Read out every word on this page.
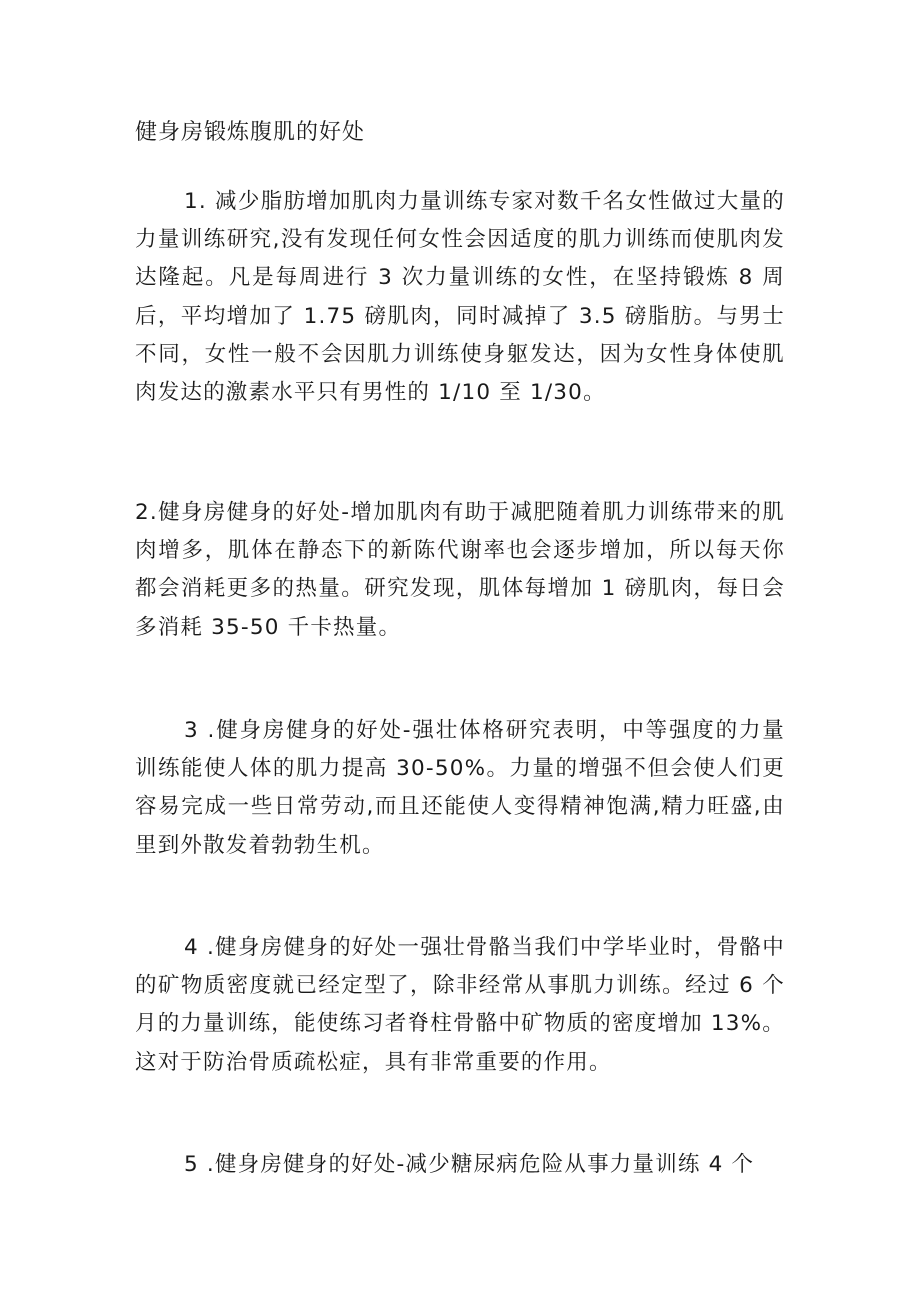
健身房锻炼腹肌的好处

1. 减少脂肪增加肌肉力量训练专家对数千名女性做过大量的力量训练研究,没有发现任何女性会因适度的肌力训练而使肌肉发达隆起。凡是每周进行 3 次力量训练的女性，在坚持锻炼 8 周后，平均增加了 1.75 磅肌肉，同时减掉了 3.5 磅脂肪。与男士不同，女性一般不会因肌力训练使身躯发达，因为女性身体使肌肉发达的激素水平只有男性的 1/10 至 1/30。

2.健身房健身的好处-增加肌肉有助于减肥随着肌力训练带来的肌肉增多，肌体在静态下的新陈代谢率也会逐步增加，所以每天你都会消耗更多的热量。研究发现，肌体每增加 1 磅肌肉，每日会多消耗 35-50 千卡热量。

3 .健身房健身的好处-强壮体格研究表明，中等强度的力量训练能使人体的肌力提高 30-50%。力量的增强不但会使人们更容易完成一些日常劳动,而且还能使人变得精神饱满,精力旺盛,由里到外散发着勃勃生机。

4 .健身房健身的好处一强壮骨骼当我们中学毕业时，骨骼中的矿物质密度就已经定型了，除非经常从事肌力训练。经过 6 个月的力量训练，能使练习者脊柱骨骼中矿物质的密度增加 13%。这对于防治骨质疏松症，具有非常重要的作用。

5 .健身房健身的好处-减少糖尿病危险从事力量训练 4 个
